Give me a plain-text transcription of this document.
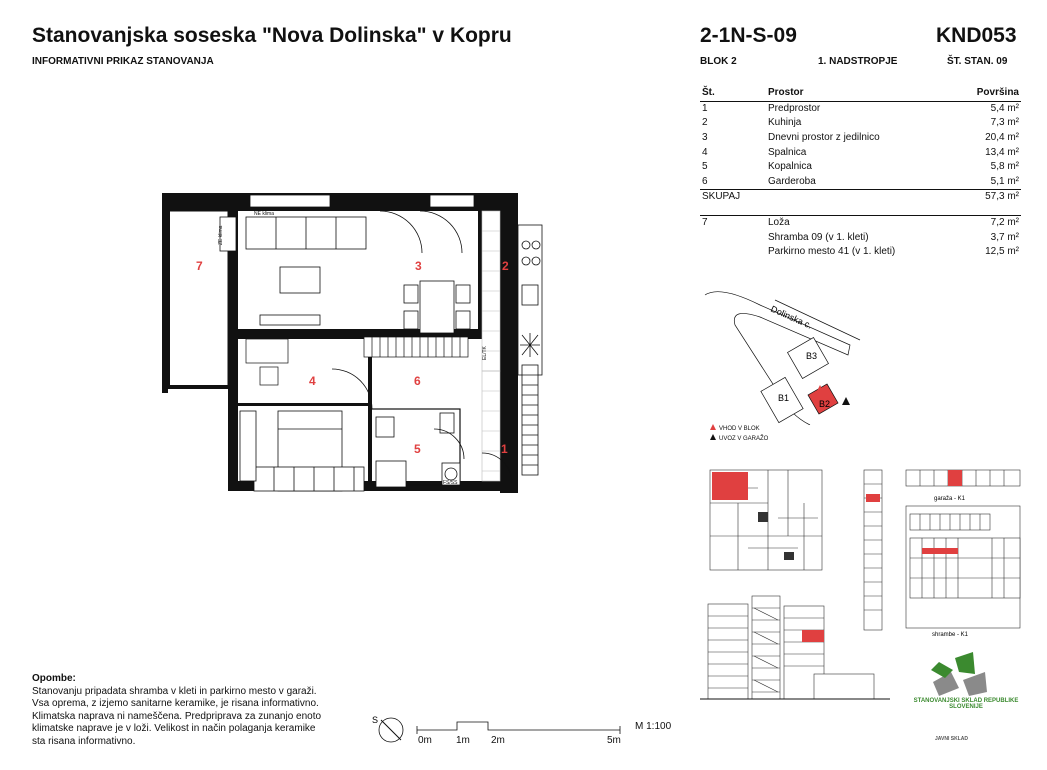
Stanovanjska soseska "Nova Dolinska" v Kopru
INFORMATIVNI PRIKAZ STANOVANJA
2-1N-S-09	KND053
BLOK 2	1. NADSTROPJE	ŠT. STAN. 09
Št.	Prostor	Površina
1	Predprostor	5,4 m²
2	Kuhinja	7,3 m²
3	Dnevni prostor z jedilnico	20,4 m²
4	Spalnica	13,4 m²
5	Kopalnica	5,8 m²
6	Garderoba	5,1 m²
SKUPAJ		57,3 m²

7	Loža	7,2 m²
	Shramba 09 (v 1. kleti)	3,7 m²
	Parkirno mesto 41 (v 1. kleti)	12,5 m²
7	3	2
4	6
5	1
NE klima
ZE klima
EL/TK
FS/SS
Dolinska c.
B3
B1
B2
VHOD V BLOK
UVOZ V GARAŽO
garaža - K1
shrambe - K1
Opombe:
Stanovanju pripadata shramba v kleti in parkirno mesto v garaži.
Vsa oprema, z izjemo sanitarne keramike, je risana informativno.
Klimatska naprava ni nameščena. Predpriprava za zunanjo enoto
klimatske naprave je v loži. Velikost in način polaganja keramike
sta risana informativno.
S
0m 1m 2m	5m
M 1:100
STANOVANJSKI SKLAD REPUBLIKE SLOVENIJE
JAVNI SKLAD
